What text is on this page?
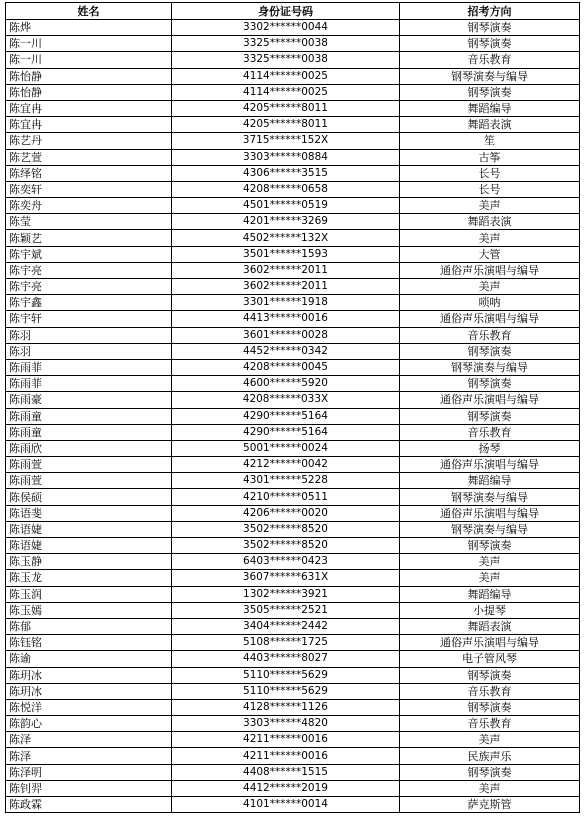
姓名	身份证号码	招考方向
陈烨	3302******0044	钢琴演奏
陈一川	3325******0038	钢琴演奏
陈一川	3325******0038	音乐教育
陈怡静	4114******0025	钢琴演奏与编导
陈怡静	4114******0025	钢琴演奏
陈宜冉	4205******8011	舞蹈编导
陈宜冉	4205******8011	舞蹈表演
陈艺丹	3715******152X	笙
陈艺萱	3303******0884	古筝
陈绎铭	4306******3515	长号
陈奕轩	4208******0658	长号
陈奕舟	4501******0519	美声
陈莹	4201******3269	舞蹈表演
陈颖艺	4502******132X	美声
陈宇斌	3501******1593	大管
陈宇亮	3602******2011	通俗声乐演唱与编导
陈宇亮	3602******2011	美声
陈宇鑫	3301******1918	唢呐
陈宇轩	4413******0016	通俗声乐演唱与编导
陈羽	3601******0028	音乐教育
陈羽	4452******0342	钢琴演奏
陈雨菲	4208******0045	钢琴演奏与编导
陈雨菲	4600******5920	钢琴演奏
陈雨豪	4208******033X	通俗声乐演唱与编导
陈雨童	4290******5164	钢琴演奏
陈雨童	4290******5164	音乐教育
陈雨欣	5001******0024	扬琴
陈雨萱	4212******0042	通俗声乐演唱与编导
陈雨萱	4301******5228	舞蹈编导
陈侯硕	4210******0511	钢琴演奏与编导
陈语斐	4206******0020	通俗声乐演唱与编导
陈语婕	3502******8520	钢琴演奏与编导
陈语婕	3502******8520	钢琴演奏
陈玉静	6403******0423	美声
陈玉龙	3607******631X	美声
陈玉润	1302******3921	舞蹈编导
陈玉嫣	3505******2521	小提琴
陈郁	3404******2442	舞蹈表演
陈钰铭	5108******1725	通俗声乐演唱与编导
陈谕	4403******8027	电子管风琴
陈玥冰	5110******5629	钢琴演奏
陈玥冰	5110******5629	音乐教育
陈悦洋	4128******1126	钢琴演奏
陈韵心	3303******4820	音乐教育
陈泽	4211******0016	美声
陈泽	4211******0016	民族声乐
陈泽明	4408******1515	钢琴演奏
陈钊羿	4412******2019	美声
陈政霖	4101******0014	萨克斯管
